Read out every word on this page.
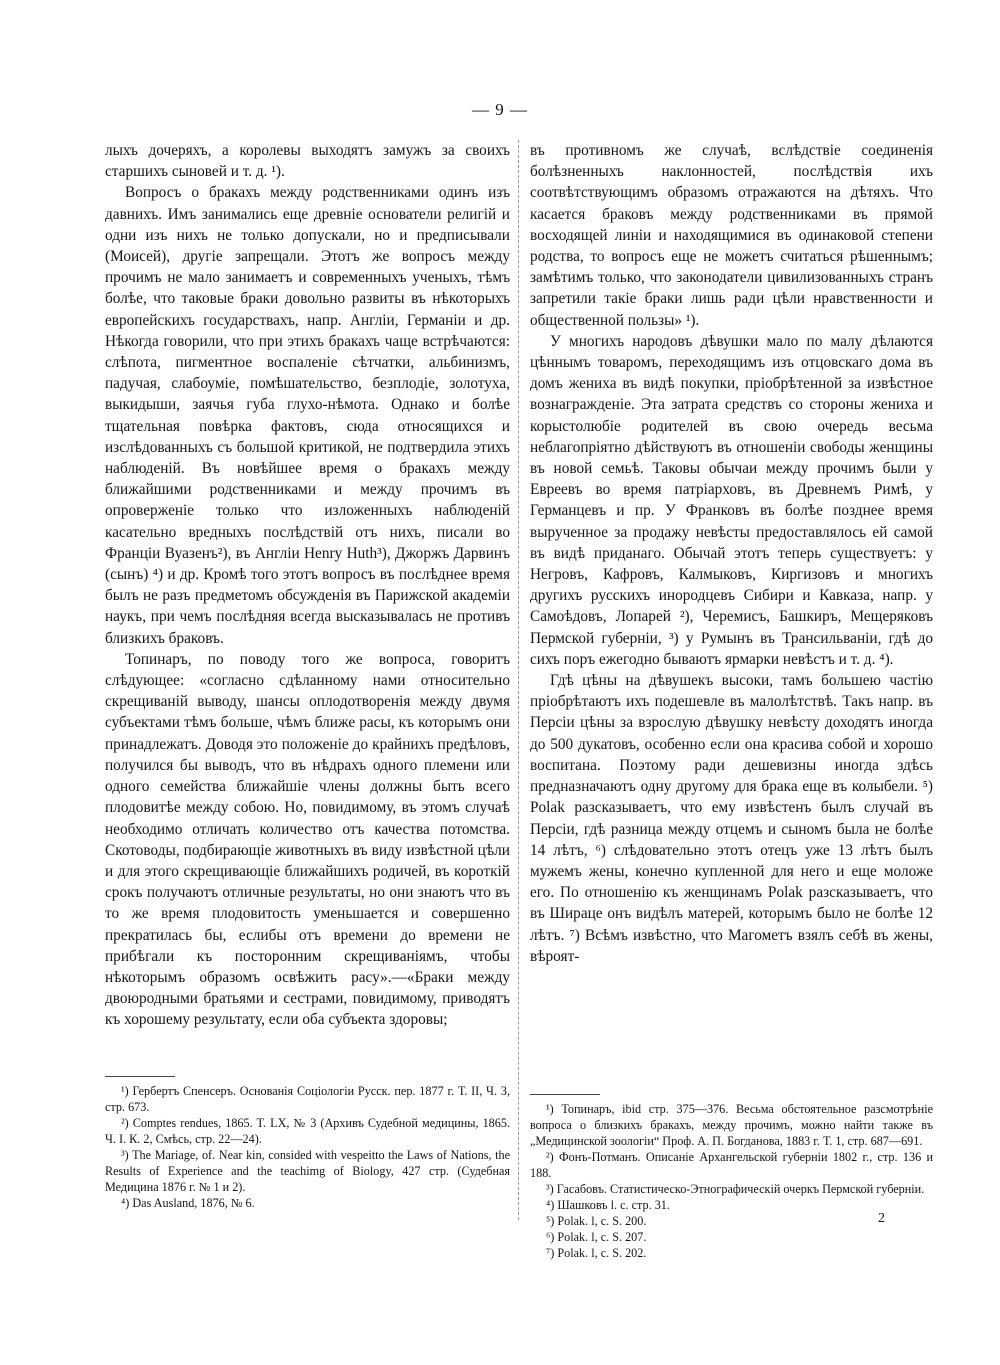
— 9 —

лыхъ дочеряхъ, а королевы выходятъ замужъ за своихъ старшихъ сыновей и т. д. ¹).

Вопросъ о бракахъ между родственниками одинъ изъ давнихъ. Имъ занимались еще древніе основатели религій и одни изъ нихъ не только допускали, но и предписывали (Моисей), другіе запрещали. Этотъ же вопросъ между прочимъ не мало занимаетъ и современныхъ ученыхъ, тѣмъ болѣе, что таковые браки довольно развиты въ нѣкоторыхъ европейскихъ государствахъ, напр. Англіи, Германіи и др. Нѣкогда говорили, что при этихъ бракахъ чаще встрѣчаются: слѣпота, пигментное воспаленіе сѣтчатки, альбинизмъ, падучая, слабоуміе, помѣшательство, безплодіе, золотуха, выкидыши, заячья губа глухо-нѣмота. Однако и болѣе тщательная повѣрка фактовъ, сюда относящихся и изслѣдованныхъ съ большой критикой, не подтвердила этихъ наблюденій. Въ новѣйшее время о бракахъ между ближайшими родственниками и между прочимъ въ опроверженіе только что изложенныхъ наблюденій касательно вредныхъ послѣдствій отъ нихъ, писали во Франціи Вуазенъ²), въ Англіи Henry Huth³), Джоржъ Дарвинъ (сынъ) ⁴) и др. Кромѣ того этотъ вопросъ въ послѣднее время былъ не разъ предметомъ обсужденія въ Парижской академіи наукъ, при чемъ послѣдняя всегда высказывалась не противъ близкихъ браковъ.

Топинаръ, по поводу того же вопроса, говоритъ слѣдующее: «согласно сдѣланному нами относительно скрещиваній выводу, шансы оплодотворенія между двумя субъектами тѣмъ больше, чѣмъ ближе расы, къ которымъ они принадлежатъ. Доводя это положеніе до крайнихъ предѣловъ, получился бы выводъ, что въ нѣдрахъ одного племени или одного семейства ближайшіе члены должны быть всего плодовитѣе между собою. Но, повидимому, въ этомъ случаѣ необходимо отличать количество отъ качества потомства. Скотоводы, подбирающіе животныхъ въ виду извѣстной цѣли и для этого скрещивающіе ближайшихъ родичей, въ короткій срокъ получаютъ отличные результаты, но они знаютъ что въ то же время плодовитость уменьшается и совершенно прекратилась бы, еслибы отъ времени до времени не прибѣгали къ посторонним скрещиваніямъ, чтобы нѣкоторымъ образомъ освѣжить расу».—«Браки между двоюродными братьями и сестрами, повидимому, приводятъ къ хорошему результату, если оба субъекта здоровы;

въ противномъ же случаѣ, вслѣдствіе соединенія болѣзненныхъ наклонностей, послѣдствія ихъ соотвѣтствующимъ образомъ отражаются на дѣтяхъ. Что касается браковъ между родственниками въ прямой восходящей линіи и находящимися въ одинаковой степени родства, то вопросъ еще не можетъ считаться рѣшеннымъ; замѣтимъ только, что законодатели цивилизованныхъ странъ запретили такіе браки лишь ради цѣли нравственности и общественной пользы» ¹).

У многихъ народовъ дѣвушки мало по малу дѣлаются цѣннымъ товаромъ, переходящимъ изъ отцовскаго дома въ домъ жениха въ видѣ покупки, пріобрѣтенной за извѣстное вознагражденіе. Эта затрата средствъ со стороны жениха и корыстолюбіе родителей въ свою очередь весьма неблагопріятно дѣйствуютъ въ отношеніи свободы женщины въ новой семьѣ. Таковы обычаи между прочимъ были у Евреевъ во время патріарховъ, въ Древнемъ Римѣ, у Германцевъ и пр. У Франковъ въ болѣе позднее время вырученное за продажу невѣсты предоставлялось ей самой въ видѣ приданаго. Обычай этотъ теперь существуетъ: у Негровъ, Кафровъ, Калмыковъ, Киргизовъ и многихъ другихъ русскихъ инородцевъ Сибири и Кавказа, напр. у Самоѣдовъ, Лопарей ²), Черемисъ, Башкиръ, Мещеряковъ Пермской губерніи, ³) у Румынъ въ Трансильваніи, гдѣ до сихъ поръ ежегодно бываютъ ярмарки невѣстъ и т. д. ⁴).

Гдѣ цѣны на дѣвушекъ высоки, тамъ большею частію пріобрѣтаютъ ихъ подешевле въ малолѣтствѣ. Такъ напр. въ Персіи цѣны за взрослую дѣвушку невѣсту доходятъ иногда до 500 дукатовъ, особенно если она красива собой и хорошо воспитана. Поэтому ради дешевизны иногда здѣсь предназначаютъ одну другому для брака еще въ колыбели. ⁵) Polak разсказываетъ, что ему извѣстенъ былъ случай въ Персіи, гдѣ разница между отцемъ и сыномъ была не болѣе 14 лѣтъ, ⁶) слѣдовательно этотъ отецъ уже 13 лѣтъ былъ мужемъ жены, конечно купленной для него и еще моложе его. По отношенію къ женщинамъ Polak разсказываетъ, что въ Шираце онъ видѣлъ матерей, которымъ было не болѣе 12 лѣтъ. ⁷) Всѣмъ извѣстно, что Магометъ взялъ себѣ въ жены, вѣроят-

¹) Гербертъ Спенсеръ. Основанія Соціологіи Русск. пер. 1877 г. Т. II, Ч. 3, стр. 673.

²) Comptes rendues, 1865. T. LX, № 3 (Архивъ Судебной медицины, 1865. Ч. I. К. 2, Смѣсь, стр. 22—24).

³) The Mariage, of. Near kin, consided with vespeitto the Laws of Nations, the Results of Experience and the teachimg of Biology, 427 стр. (Судебная Медицина 1876 г. № 1 и 2).

⁴) Das Ausland, 1876, № 6.

¹) Топинаръ, ibid стр. 375—376. Весьма обстоятельное разсмотрѣніе вопроса о близкихъ бракахъ, между прочимъ, можно найти также въ „Медицинской зоологіи“ Проф. А. П. Богданова, 1883 г. Т. 1, стр. 687—691.

²) Фонъ-Потманъ. Описаніе Архангельской губерніи 1802 г., стр. 136 и 188.

³) Гасабовъ. Статистическо-Этнографическій очеркъ Пермской губерніи.

⁴) Шашковъ l. c. стр. 31.

⁵) Polak. l, c. S. 200.

⁶) Polak. l, c. S. 207.

⁷) Polak. l, c. S. 202.

2
